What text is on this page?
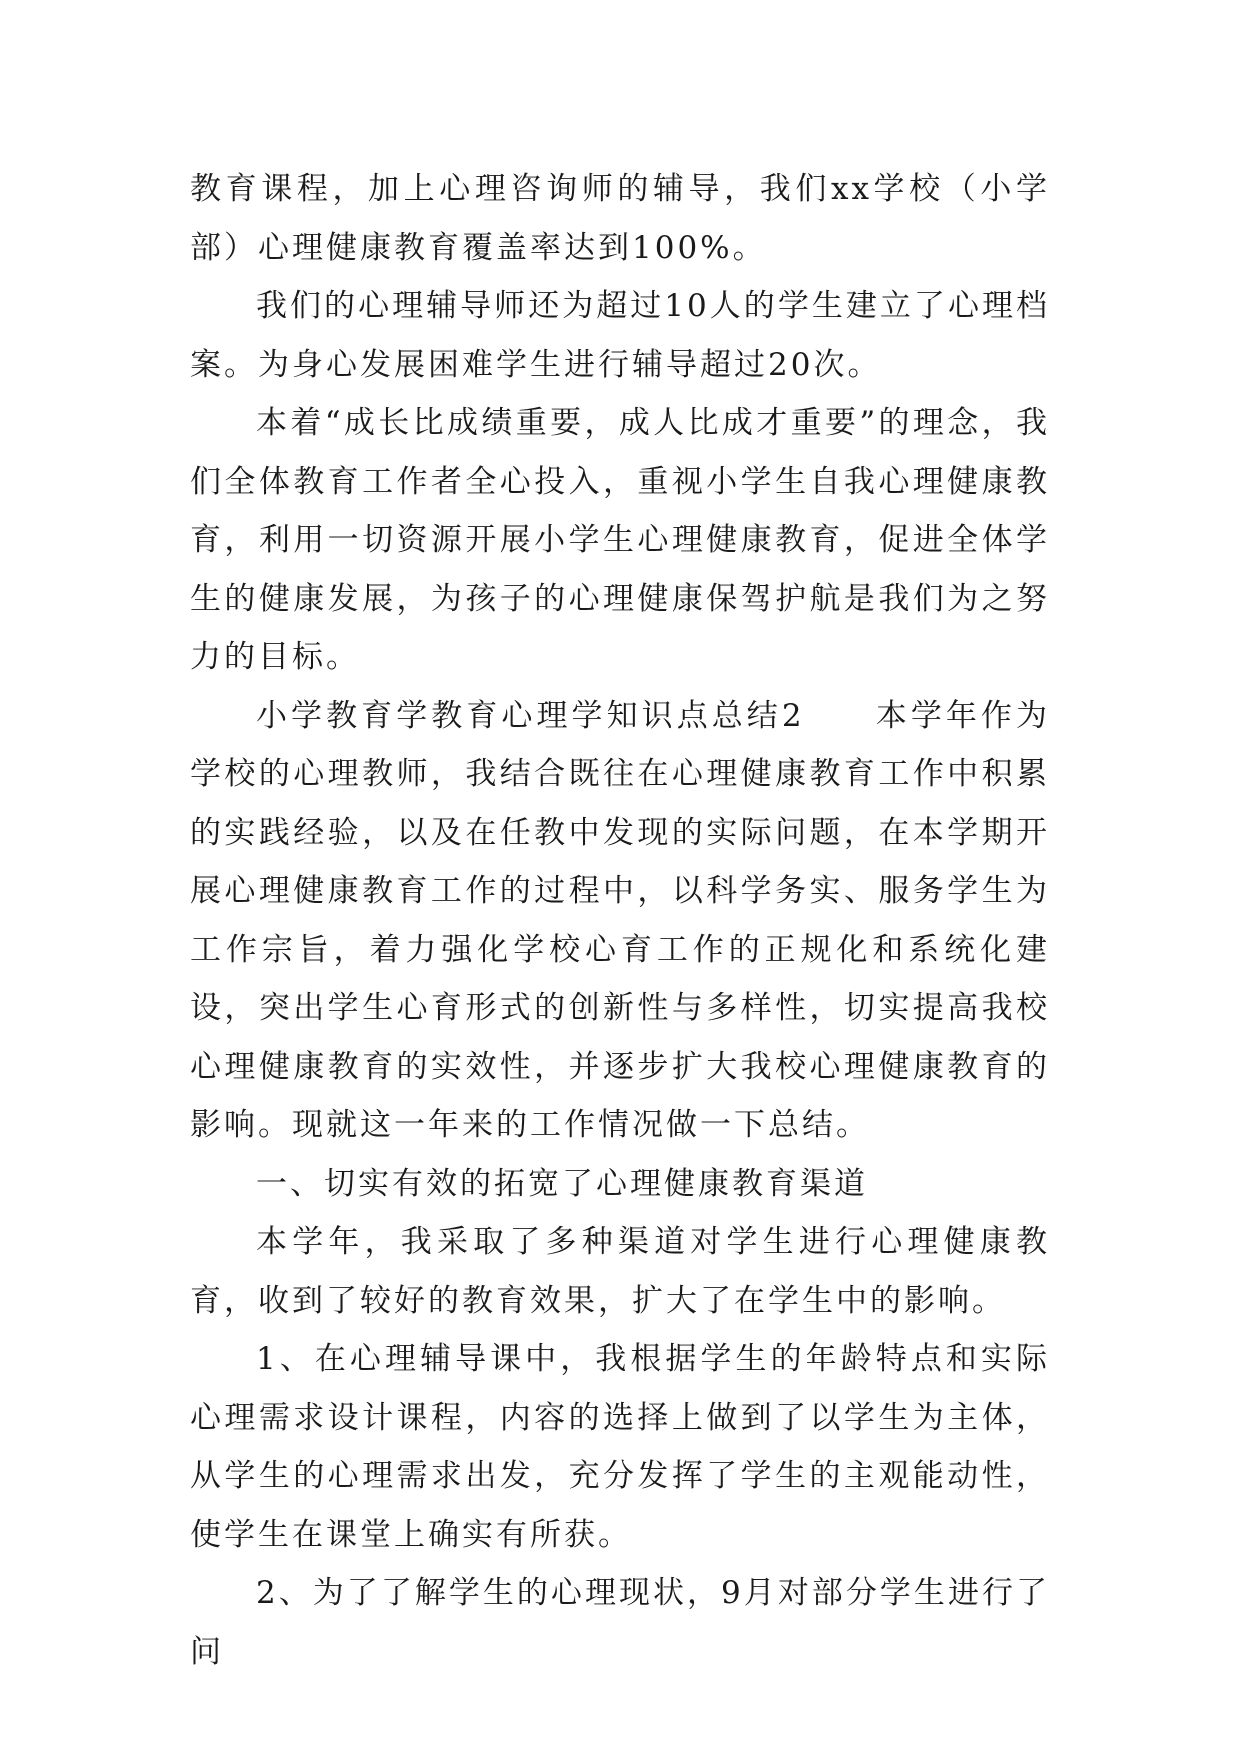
教育课程，加上心理咨询师的辅导，我们xx学校（小学部）心理健康教育覆盖率达到100%。

我们的心理辅导师还为超过10人的学生建立了心理档案。为身心发展困难学生进行辅导超过20次。

本着“成长比成绩重要，成人比成才重要”的理念，我们全体教育工作者全心投入，重视小学生自我心理健康教育，利用一切资源开展小学生心理健康教育，促进全体学生的健康发展，为孩子的心理健康保驾护航是我们为之努力的目标。

小学教育学教育心理学知识点总结2　　本学年作为学校的心理教师，我结合既往在心理健康教育工作中积累的实践经验，以及在任教中发现的实际问题，在本学期开展心理健康教育工作的过程中，以科学务实、服务学生为工作宗旨，着力强化学校心育工作的正规化和系统化建设，突出学生心育形式的创新性与多样性，切实提高我校心理健康教育的实效性，并逐步扩大我校心理健康教育的影响。现就这一年来的工作情况做一下总结。

一、切实有效的拓宽了心理健康教育渠道

本学年，我采取了多种渠道对学生进行心理健康教育，收到了较好的教育效果，扩大了在学生中的影响。

1、在心理辅导课中，我根据学生的年龄特点和实际心理需求设计课程，内容的选择上做到了以学生为主体，从学生的心理需求出发，充分发挥了学生的主观能动性，使学生在课堂上确实有所获。

2、为了了解学生的心理现状，9月对部分学生进行了问
